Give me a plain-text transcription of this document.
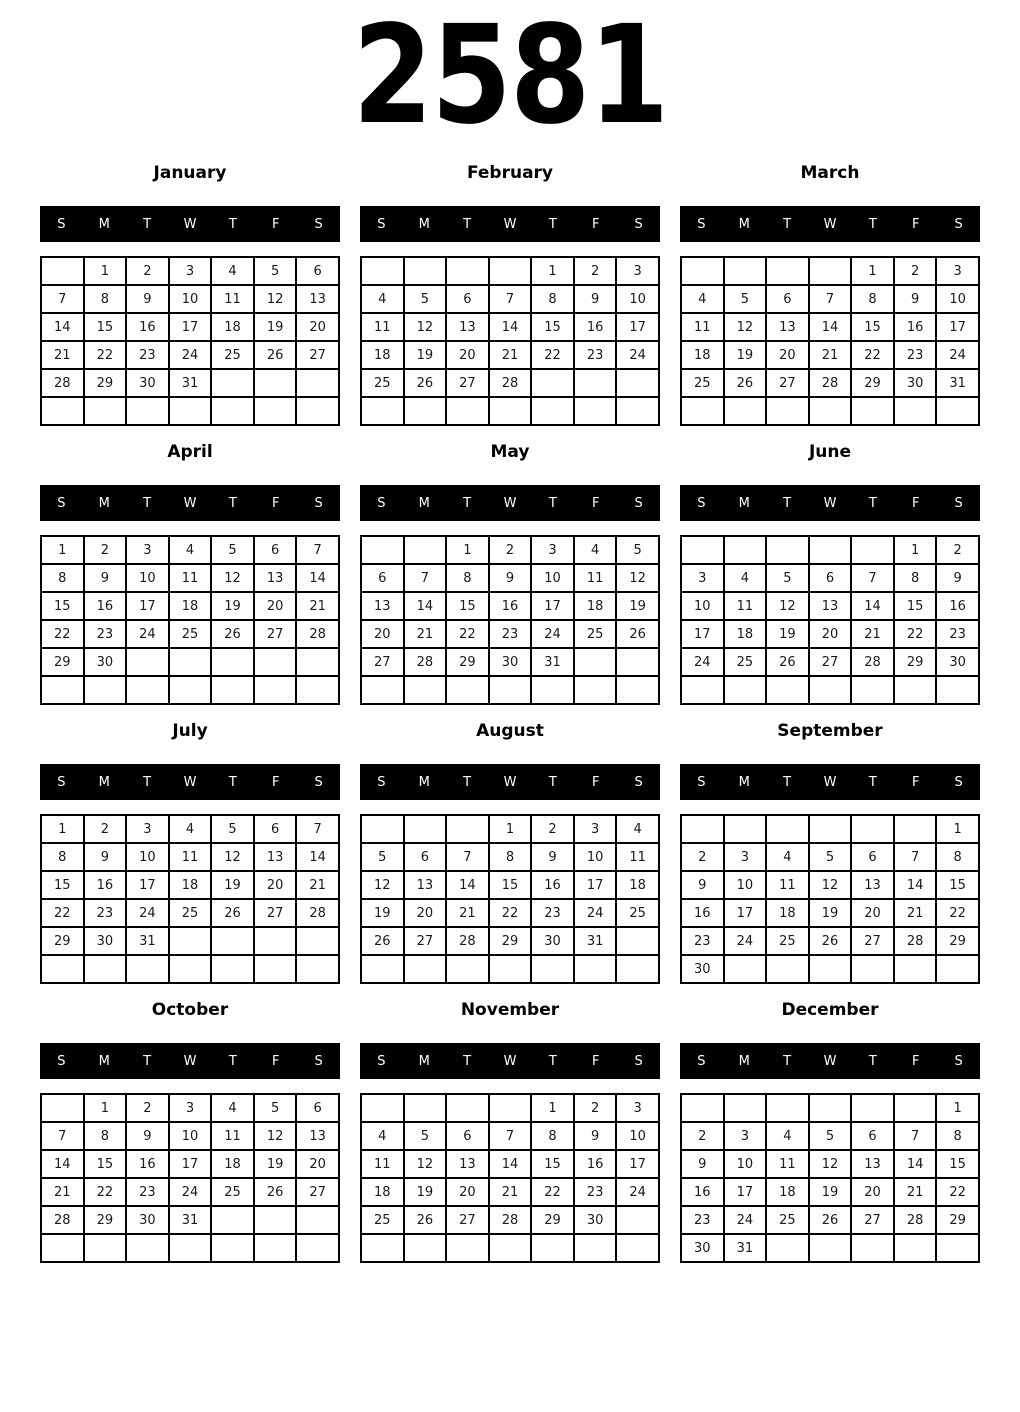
2581
January
S	M	T	W	T	F	S
	1	2	3	4	5	6
7	8	9	10	11	12	13
14	15	16	17	18	19	20
21	22	23	24	25	26	27
28	29	30	31			

February
S	M	T	W	T	F	S
				1	2	3
4	5	6	7	8	9	10
11	12	13	14	15	16	17
18	19	20	21	22	23	24
25	26	27	28			

March
S	M	T	W	T	F	S
				1	2	3
4	5	6	7	8	9	10
11	12	13	14	15	16	17
18	19	20	21	22	23	24
25	26	27	28	29	30	31

April
S	M	T	W	T	F	S
1	2	3	4	5	6	7
8	9	10	11	12	13	14
15	16	17	18	19	20	21
22	23	24	25	26	27	28
29	30					

May
S	M	T	W	T	F	S
		1	2	3	4	5
6	7	8	9	10	11	12
13	14	15	16	17	18	19
20	21	22	23	24	25	26
27	28	29	30	31		

June
S	M	T	W	T	F	S
					1	2
3	4	5	6	7	8	9
10	11	12	13	14	15	16
17	18	19	20	21	22	23
24	25	26	27	28	29	30

July
S	M	T	W	T	F	S
1	2	3	4	5	6	7
8	9	10	11	12	13	14
15	16	17	18	19	20	21
22	23	24	25	26	27	28
29	30	31				

August
S	M	T	W	T	F	S
			1	2	3	4
5	6	7	8	9	10	11
12	13	14	15	16	17	18
19	20	21	22	23	24	25
26	27	28	29	30	31	

September
S	M	T	W	T	F	S
						1
2	3	4	5	6	7	8
9	10	11	12	13	14	15
16	17	18	19	20	21	22
23	24	25	26	27	28	29
30						
October
S	M	T	W	T	F	S
	1	2	3	4	5	6
7	8	9	10	11	12	13
14	15	16	17	18	19	20
21	22	23	24	25	26	27
28	29	30	31			

November
S	M	T	W	T	F	S
				1	2	3
4	5	6	7	8	9	10
11	12	13	14	15	16	17
18	19	20	21	22	23	24
25	26	27	28	29	30	

December
S	M	T	W	T	F	S
						1
2	3	4	5	6	7	8
9	10	11	12	13	14	15
16	17	18	19	20	21	22
23	24	25	26	27	28	29
30	31					
